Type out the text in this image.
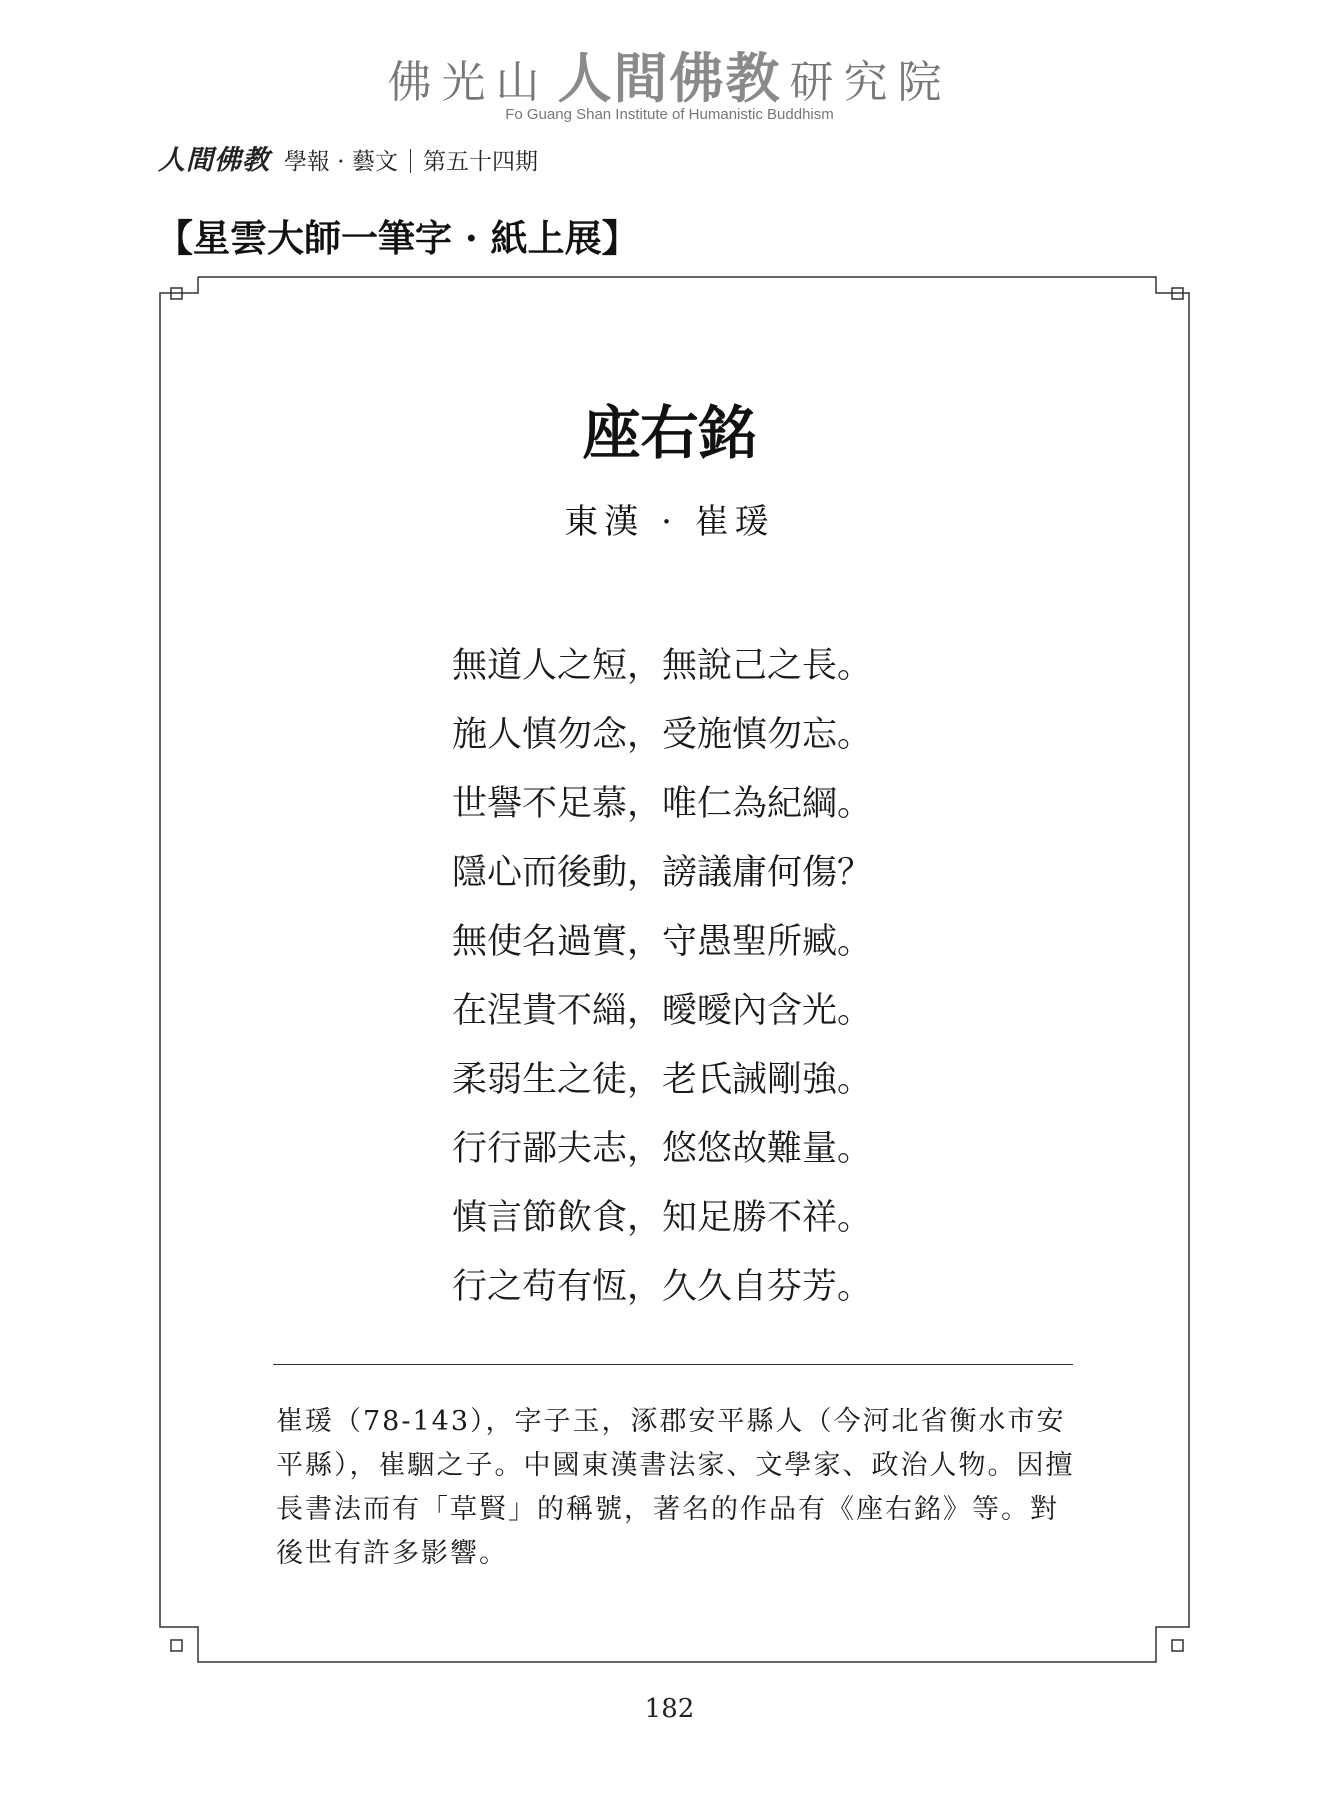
佛光山 人間佛教 研究院
Fo Guang Shan Institute of Humanistic Buddhism
人間佛教 學報 · 藝文 第五十四期
【星雲大師一筆字 · 紙上展】
座右銘
東漢 · 崔瑗
無道人之短，無說己之長。
施人慎勿念，受施慎勿忘。
世譽不足慕，唯仁為紀綱。
隱心而後動，謗議庸何傷？
無使名過實，守愚聖所臧。
在涅貴不緇，曖曖內含光。
柔弱生之徒，老氏誡剛強。
行行鄙夫志，悠悠故難量。
慎言節飲食，知足勝不祥。
行之苟有恆，久久自芬芳。
崔瑗（78-143），字子玉，涿郡安平縣人（今河北省衡水市安平縣），崔駰之子。中國東漢書法家、文學家、政治人物。因擅長書法而有「草賢」的稱號，著名的作品有《座右銘》等。對後世有許多影響。
182
